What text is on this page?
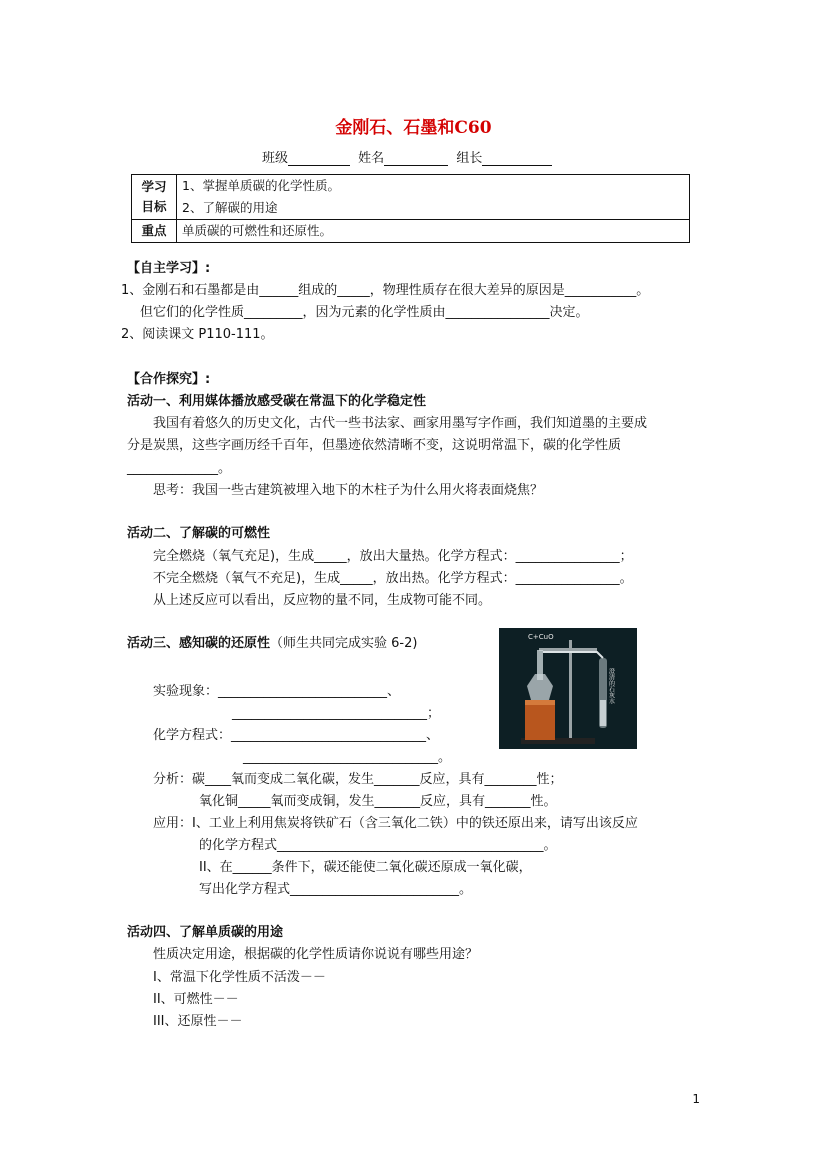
金刚石、石墨和C60
班级	姓名	组长
学习
目标	1、掌握单质碳的化学性质。
	2、了解碳的用途
重点	单质碳的可燃性和还原性。
【自主学习】:
1、金刚石和石墨都是由______组成的_____，物理性质存在很大差异的原因是___________。
但它们的化学性质_________，因为元素的化学性质由________________决定。
2、阅读课文 P110-111。
【合作探究】:
活动一、利用媒体播放感受碳在常温下的化学稳定性
我国有着悠久的历史文化，古代一些书法家、画家用墨写字作画，我们知道墨的主要成
分是炭黑，这些字画历经千百年，但墨迹依然清晰不变，这说明常温下，碳的化学性质
______________。
思考：我国一些古建筑被埋入地下的木柱子为什么用火将表面烧焦？
活动二、了解碳的可燃性
完全燃烧（氧气充足)，生成_____，放出大量热。化学方程式：________________；
不完全燃烧（氧气不充足)，生成_____，放出热。化学方程式：________________。
从上述反应可以看出，反应物的量不同，生成物可能不同。
活动三、感知碳的还原性（师生共同完成实验 6-2)	C+CuO
澄清的石灰水
实验现象：__________________________、
______________________________；
化学方程式：______________________________、
______________________________。
分析：碳____氧而变成二氧化碳，发生_______反应，具有________性；
氧化铜_____氧而变成铜，发生_______反应，具有_______性。
应用：I、工业上利用焦炭将铁矿石（含三氧化二铁）中的铁还原出来，请写出该反应
的化学方程式_________________________________________。
II、在______条件下，碳还能使二氧化碳还原成一氧化碳，
写出化学方程式__________________________。
活动四、了解单质碳的用途
性质决定用途，根据碳的化学性质请你说说有哪些用途？
I、常温下化学性质不活泼－－
II、可燃性－－
III、还原性－－
1
